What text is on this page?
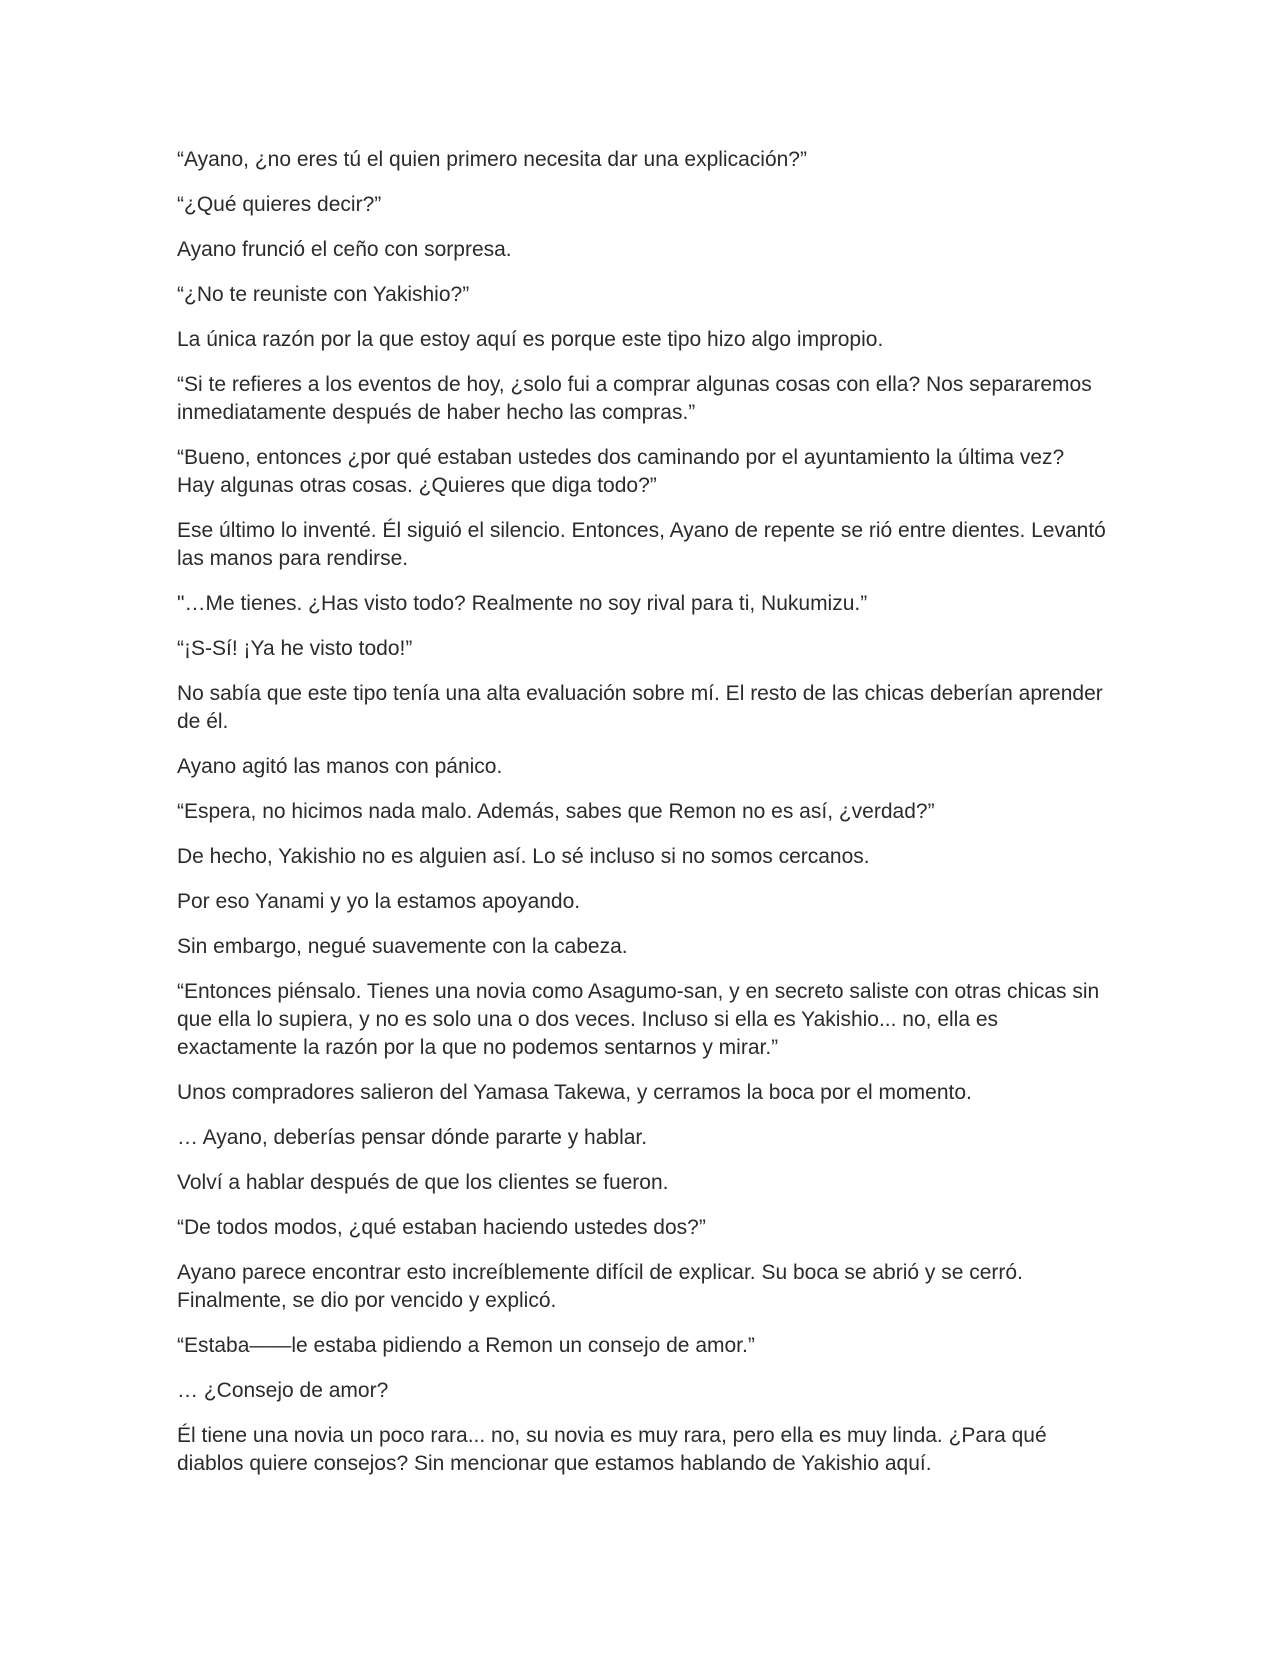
“Ayano, ¿no eres tú el quien primero necesita dar una explicación?”

“¿Qué quieres decir?”

Ayano frunció el ceño con sorpresa.

“¿No te reuniste con Yakishio?”

La única razón por la que estoy aquí es porque este tipo hizo algo impropio.

“Si te refieres a los eventos de hoy, ¿solo fui a comprar algunas cosas con ella? Nos separaremos inmediatamente después de haber hecho las compras.”

“Bueno, entonces ¿por qué estaban ustedes dos caminando por el ayuntamiento la última vez? Hay algunas otras cosas. ¿Quieres que diga todo?”

Ese último lo inventé. Él siguió el silencio. Entonces, Ayano de repente se rió entre dientes. Levantó las manos para rendirse.

"…Me tienes. ¿Has visto todo? Realmente no soy rival para ti, Nukumizu.”

“¡S-Sí! ¡Ya he visto todo!”

No sabía que este tipo tenía una alta evaluación sobre mí. El resto de las chicas deberían aprender de él.

Ayano agitó las manos con pánico.

“Espera, no hicimos nada malo. Además, sabes que Remon no es así, ¿verdad?”

De hecho, Yakishio no es alguien así. Lo sé incluso si no somos cercanos.

Por eso Yanami y yo la estamos apoyando.

Sin embargo, negué suavemente con la cabeza.

“Entonces piénsalo. Tienes una novia como Asagumo-san, y en secreto saliste con otras chicas sin que ella lo supiera, y no es solo una o dos veces. Incluso si ella es Yakishio... no, ella es exactamente la razón por la que no podemos sentarnos y mirar.”

Unos compradores salieron del Yamasa Takewa, y cerramos la boca por el momento.

… Ayano, deberías pensar dónde pararte y hablar.

Volví a hablar después de que los clientes se fueron.

“De todos modos, ¿qué estaban haciendo ustedes dos?”

Ayano parece encontrar esto increíblemente difícil de explicar. Su boca se abrió y se cerró. Finalmente, se dio por vencido y explicó.

“Estaba——le estaba pidiendo a Remon un consejo de amor.”

… ¿Consejo de amor?

Él tiene una novia un poco rara... no, su novia es muy rara, pero ella es muy linda. ¿Para qué diablos quiere consejos? Sin mencionar que estamos hablando de Yakishio aquí.
